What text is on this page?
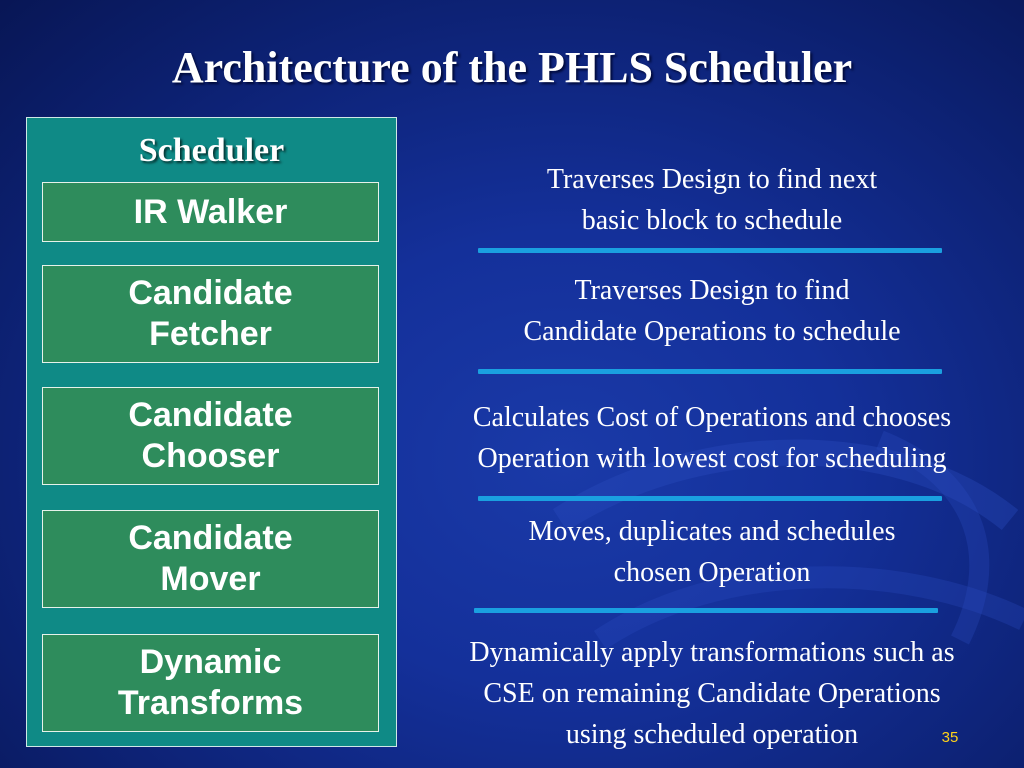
Architecture of the PHLS Scheduler
Scheduler
IR Walker
Candidate
Fetcher
Candidate
Chooser
Candidate
Mover
Dynamic
Transforms
Traverses Design to find next
basic block to schedule
Traverses Design to find
Candidate Operations to schedule
Calculates Cost of Operations and chooses
Operation with lowest cost for scheduling
Moves, duplicates and schedules
chosen Operation
Dynamically apply transformations such as
CSE on remaining Candidate Operations
using scheduled operation	35
